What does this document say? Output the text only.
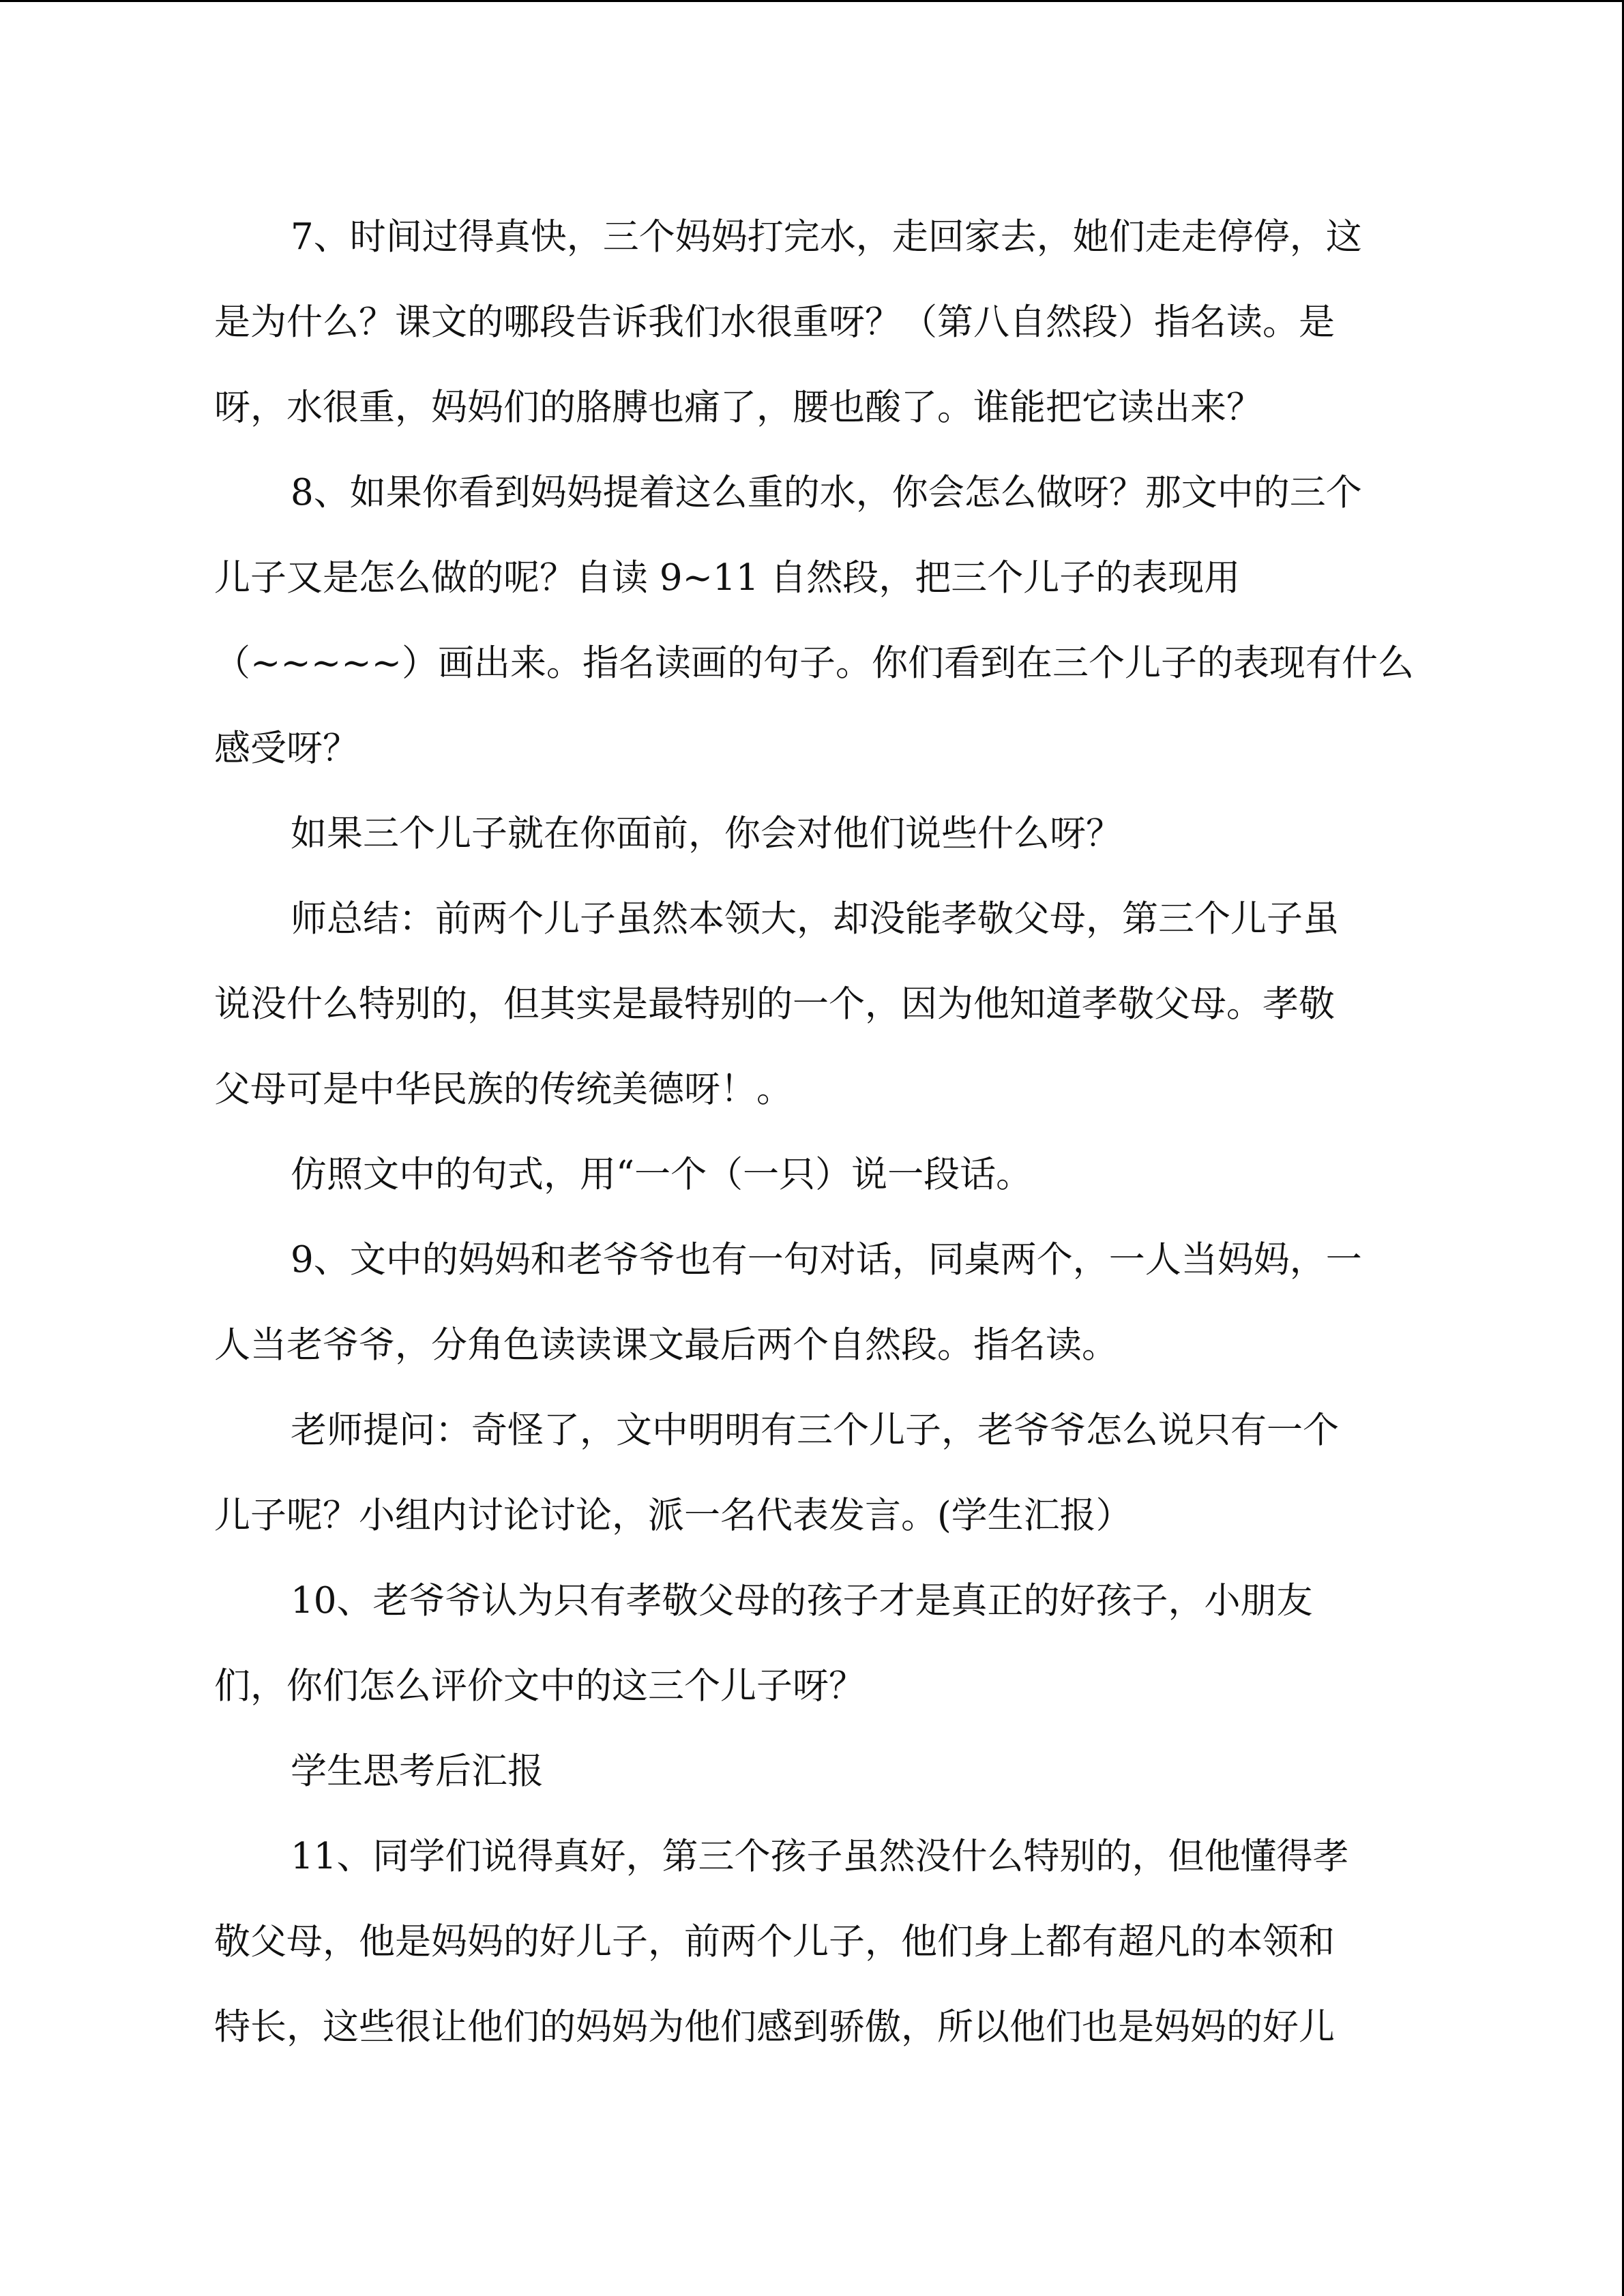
7、时间过得真快，三个妈妈打完水，走回家去，她们走走停停，这
是为什么？课文的哪段告诉我们水很重呀？（第八自然段）指名读。是
呀，水很重，妈妈们的胳膊也痛了，腰也酸了。谁能把它读出来？
8、如果你看到妈妈提着这么重的水，你会怎么做呀？那文中的三个
儿子又是怎么做的呢？自读 9~11 自然段，把三个儿子的表现用
（~~~~~）画出来。指名读画的句子。你们看到在三个儿子的表现有什么
感受呀？
如果三个儿子就在你面前，你会对他们说些什么呀？
师总结：前两个儿子虽然本领大，却没能孝敬父母，第三个儿子虽
说没什么特别的，但其实是最特别的一个，因为他知道孝敬父母。孝敬
父母可是中华民族的传统美德呀！。
仿照文中的句式，用“一个（一只）说一段话。
9、文中的妈妈和老爷爷也有一句对话，同桌两个，一人当妈妈，一
人当老爷爷，分角色读读课文最后两个自然段。指名读。
老师提问：奇怪了，文中明明有三个儿子，老爷爷怎么说只有一个
儿子呢？小组内讨论讨论，派一名代表发言。(学生汇报）
10、老爷爷认为只有孝敬父母的孩子才是真正的好孩子，小朋友
们，你们怎么评价文中的这三个儿子呀？
学生思考后汇报
11、同学们说得真好，第三个孩子虽然没什么特别的，但他懂得孝
敬父母，他是妈妈的好儿子，前两个儿子，他们身上都有超凡的本领和
特长，这些很让他们的妈妈为他们感到骄傲，所以他们也是妈妈的好儿
